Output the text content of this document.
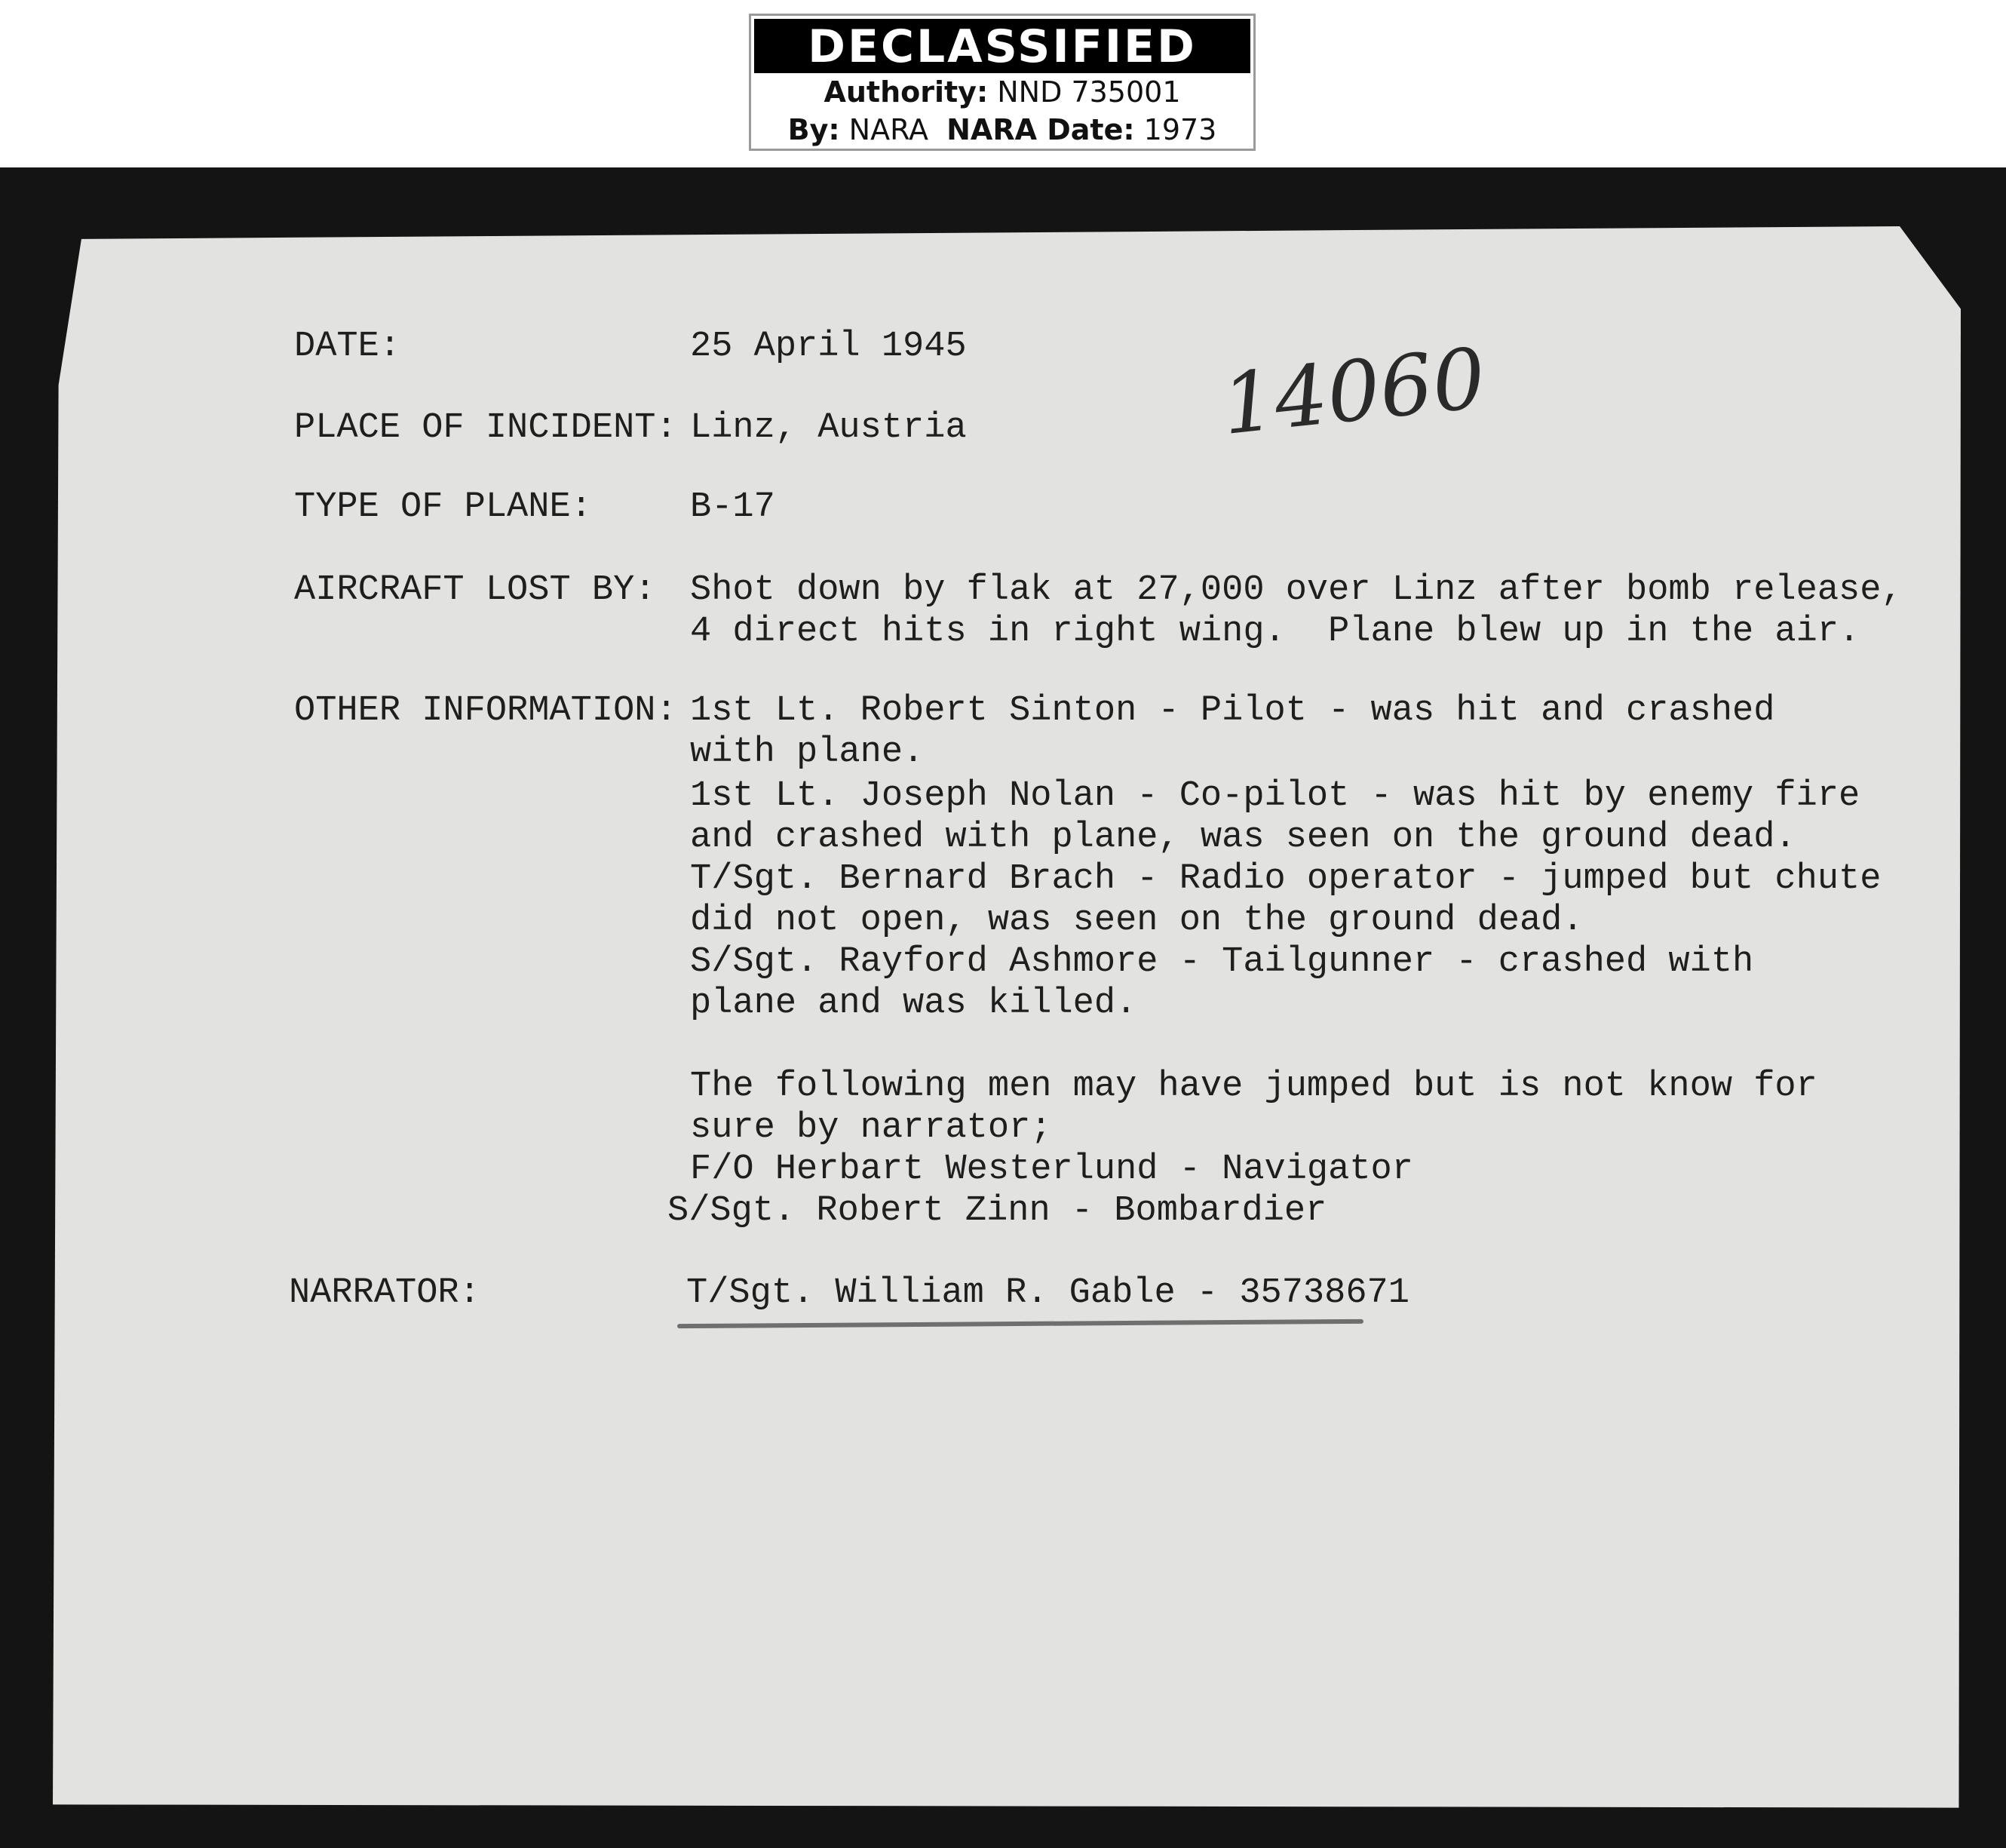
DECLASSIFIED
Authority: NND 735001
By: NARA NARA Date: 1973
14060
DATE:	25 April 1945
PLACE OF INCIDENT: Linz, Austria
TYPE OF PLANE:	B-17
AIRCRAFT LOST BY: Shot down by flak at 27,000 over Linz after bomb release,
4 direct hits in right wing.  Plane blew up in the air.
OTHER INFORMATION: 1st Lt. Robert Sinton - Pilot - was hit and crashed
with plane.
1st Lt. Joseph Nolan - Co-pilot - was hit by enemy fire
and crashed with plane, was seen on the ground dead.
T/Sgt. Bernard Brach - Radio operator - jumped but chute
did not open, was seen on the ground dead.
S/Sgt. Rayford Ashmore - Tailgunner - crashed with
plane and was killed.
The following men may have jumped but is not know for
sure by narrator;
F/O Herbart Westerlund - Navigator
S/Sgt. Robert Zinn - Bombardier
NARRATOR:	T/Sgt. William R. Gable - 35738671
